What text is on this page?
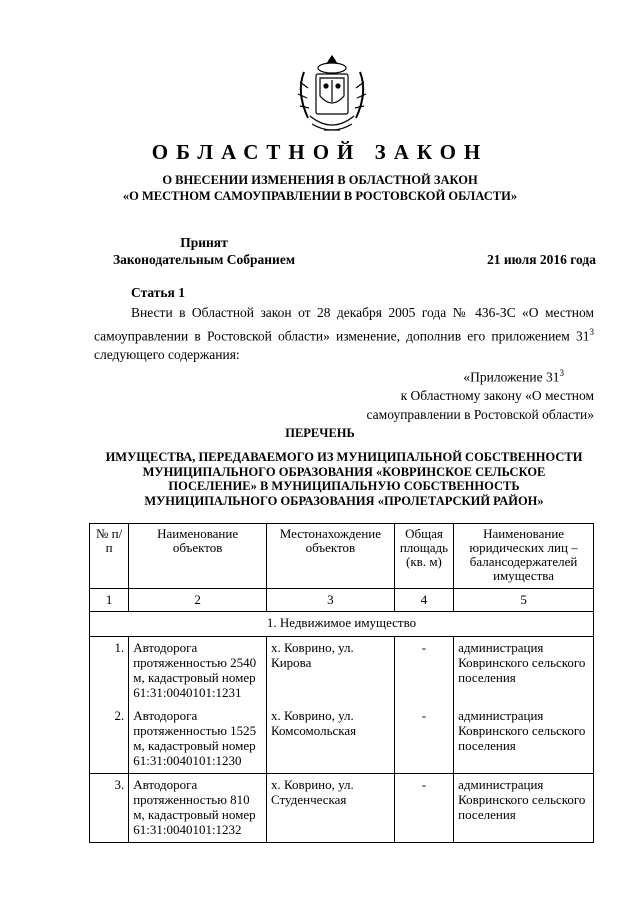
ОБЛАСТНОЙ ЗАКОН
О ВНЕСЕНИИ ИЗМЕНЕНИЯ В ОБЛАСТНОЙ ЗАКОН
«О МЕСТНОМ САМОУПРАВЛЕНИИ В РОСТОВСКОЙ ОБЛАСТИ»
Принят
Законодательным Собранием	21 июля 2016 года
Статья 1
Внести в Областной закон от 28 декабря 2005 года № 436-ЗС «О местном самоуправлении в Ростовской области» изменение, дополнив его приложением $31^3$ следующего содержания:
«Приложение $31^3$
к Областному закону «О местном
самоуправлении в Ростовской области»
ПЕРЕЧЕНЬ
ИМУЩЕСТВА, ПЕРЕДАВАЕМОГО ИЗ МУНИЦИПАЛЬНОЙ СОБСТВЕННОСТИ
МУНИЦИПАЛЬНОГО ОБРАЗОВАНИЯ «КОВРИНСКОЕ СЕЛЬСКОЕ
ПОСЕЛЕНИЕ» В МУНИЦИПАЛЬНУЮ СОБСТВЕННОСТЬ
МУНИЦИПАЛЬНОГО ОБРАЗОВАНИЯ «ПРОЛЕТАРСКИЙ РАЙОН»
№ п/п	Наименование объектов	Местонахождение объектов	Общая площадь (кв. м)	Наименование юридических лиц – балансодержателей имущества
1	2	3	4	5
1. Недвижимое имущество				
1.	Автодорога протяженностью 2540 м, кадастровый номер 61:31:0040101:1231	х. Коврино, ул. Кирова	-	администрация Ковринского сельского поселения
2.	Автодорога протяженностью 1525 м, кадастровый номер 61:31:0040101:1230	х. Коврино, ул. Комсомольская	-	администрация Ковринского сельского поселения
3.	Автодорога протяженностью 810 м, кадастровый номер 61:31:0040101:1232	х. Коврино, ул. Студенческая	-	администрация Ковринского сельского поселения
